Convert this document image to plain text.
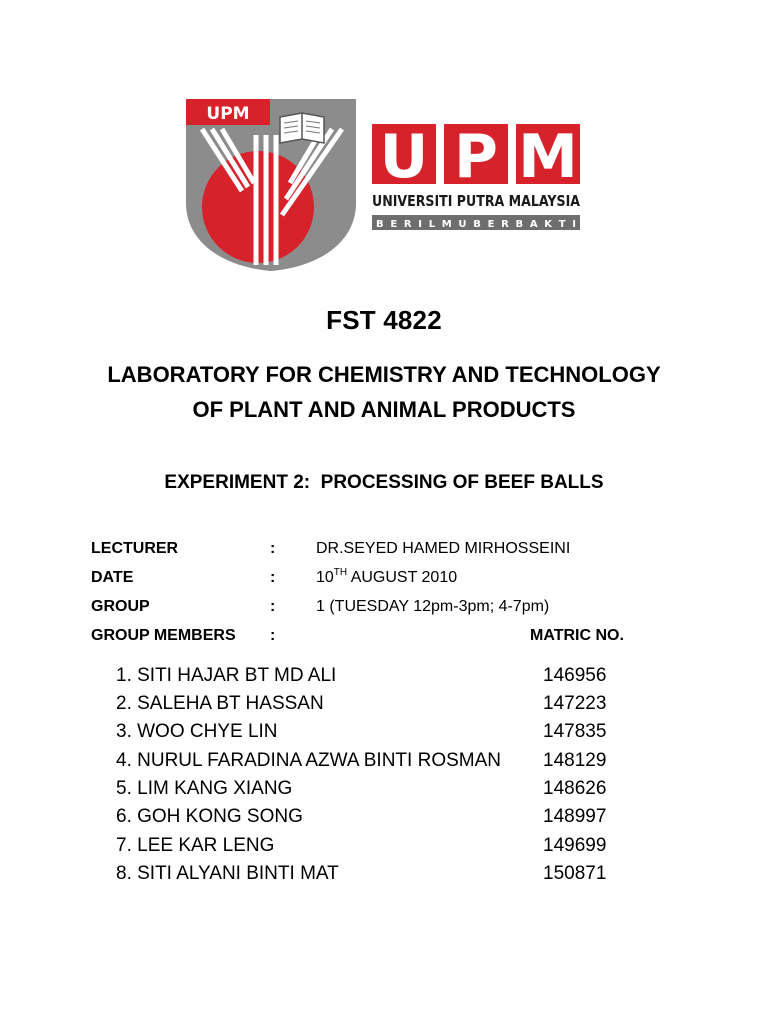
UPM
U P M
UNIVERSITI PUTRA MALAYSIA
B E R I L M U B E R B A K T I
FST 4822
LABORATORY FOR CHEMISTRY AND TECHNOLOGY
OF PLANT AND ANIMAL PRODUCTS
EXPERIMENT 2:  PROCESSING OF BEEF BALLS
LECTURER	:	DR.SEYED HAMED MIRHOSSEINI
DATE	:	10TH AUGUST 2010
GROUP	:	1 (TUESDAY 12pm-3pm; 4-7pm)
GROUP MEMBERS :	MATRIC NO.
1. SITI HAJAR BT MD ALI	146956
2. SALEHA BT HASSAN	147223
3. WOO CHYE LIN	147835
4. NURUL FARADINA AZWA BINTI ROSMAN 148129
5. LIM KANG XIANG	148626
6. GOH KONG SONG	148997
7. LEE KAR LENG	149699
8. SITI ALYANI BINTI MAT	150871
